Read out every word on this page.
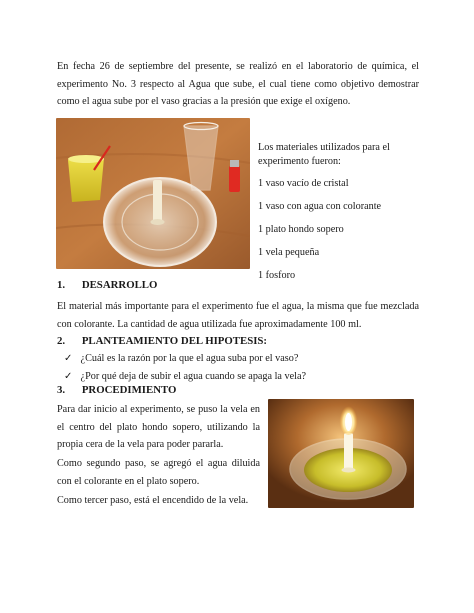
En fecha 26 de septiembre del presente, se realizó en el laboratorio de química, el experimento No. 3 respecto al Agua que sube, el cual tiene como objetivo demostrar como el agua sube por el vaso gracias a la presión que exige el oxígeno.
Los materiales utilizados para el experimento fueron:
1 vaso vacío de cristal
1 vaso con agua con colorante
1 plato hondo sopero
1 vela pequeña
1 fosforo
1. DESARROLLO
El material más importante para el experimento fue el agua, la misma que fue mezclada con colorante. La cantidad de agua utilizada fue aproximadamente 100 ml.
2. PLANTEAMIENTO DEL HIPOTESIS:
✓ ¿Cuál es la razón por la que el agua suba por el vaso?
✓ ¿Por qué deja de subir el agua cuando se apaga la vela?
3. PROCEDIMIENTO
Para dar inicio al experimento, se puso la vela en el centro del plato hondo sopero, utilizando la propia cera de la vela para poder pararla.
Como segundo paso, se agregó el agua diluida con el colorante en el plato sopero.
Como tercer paso, está el encendido de la vela.
